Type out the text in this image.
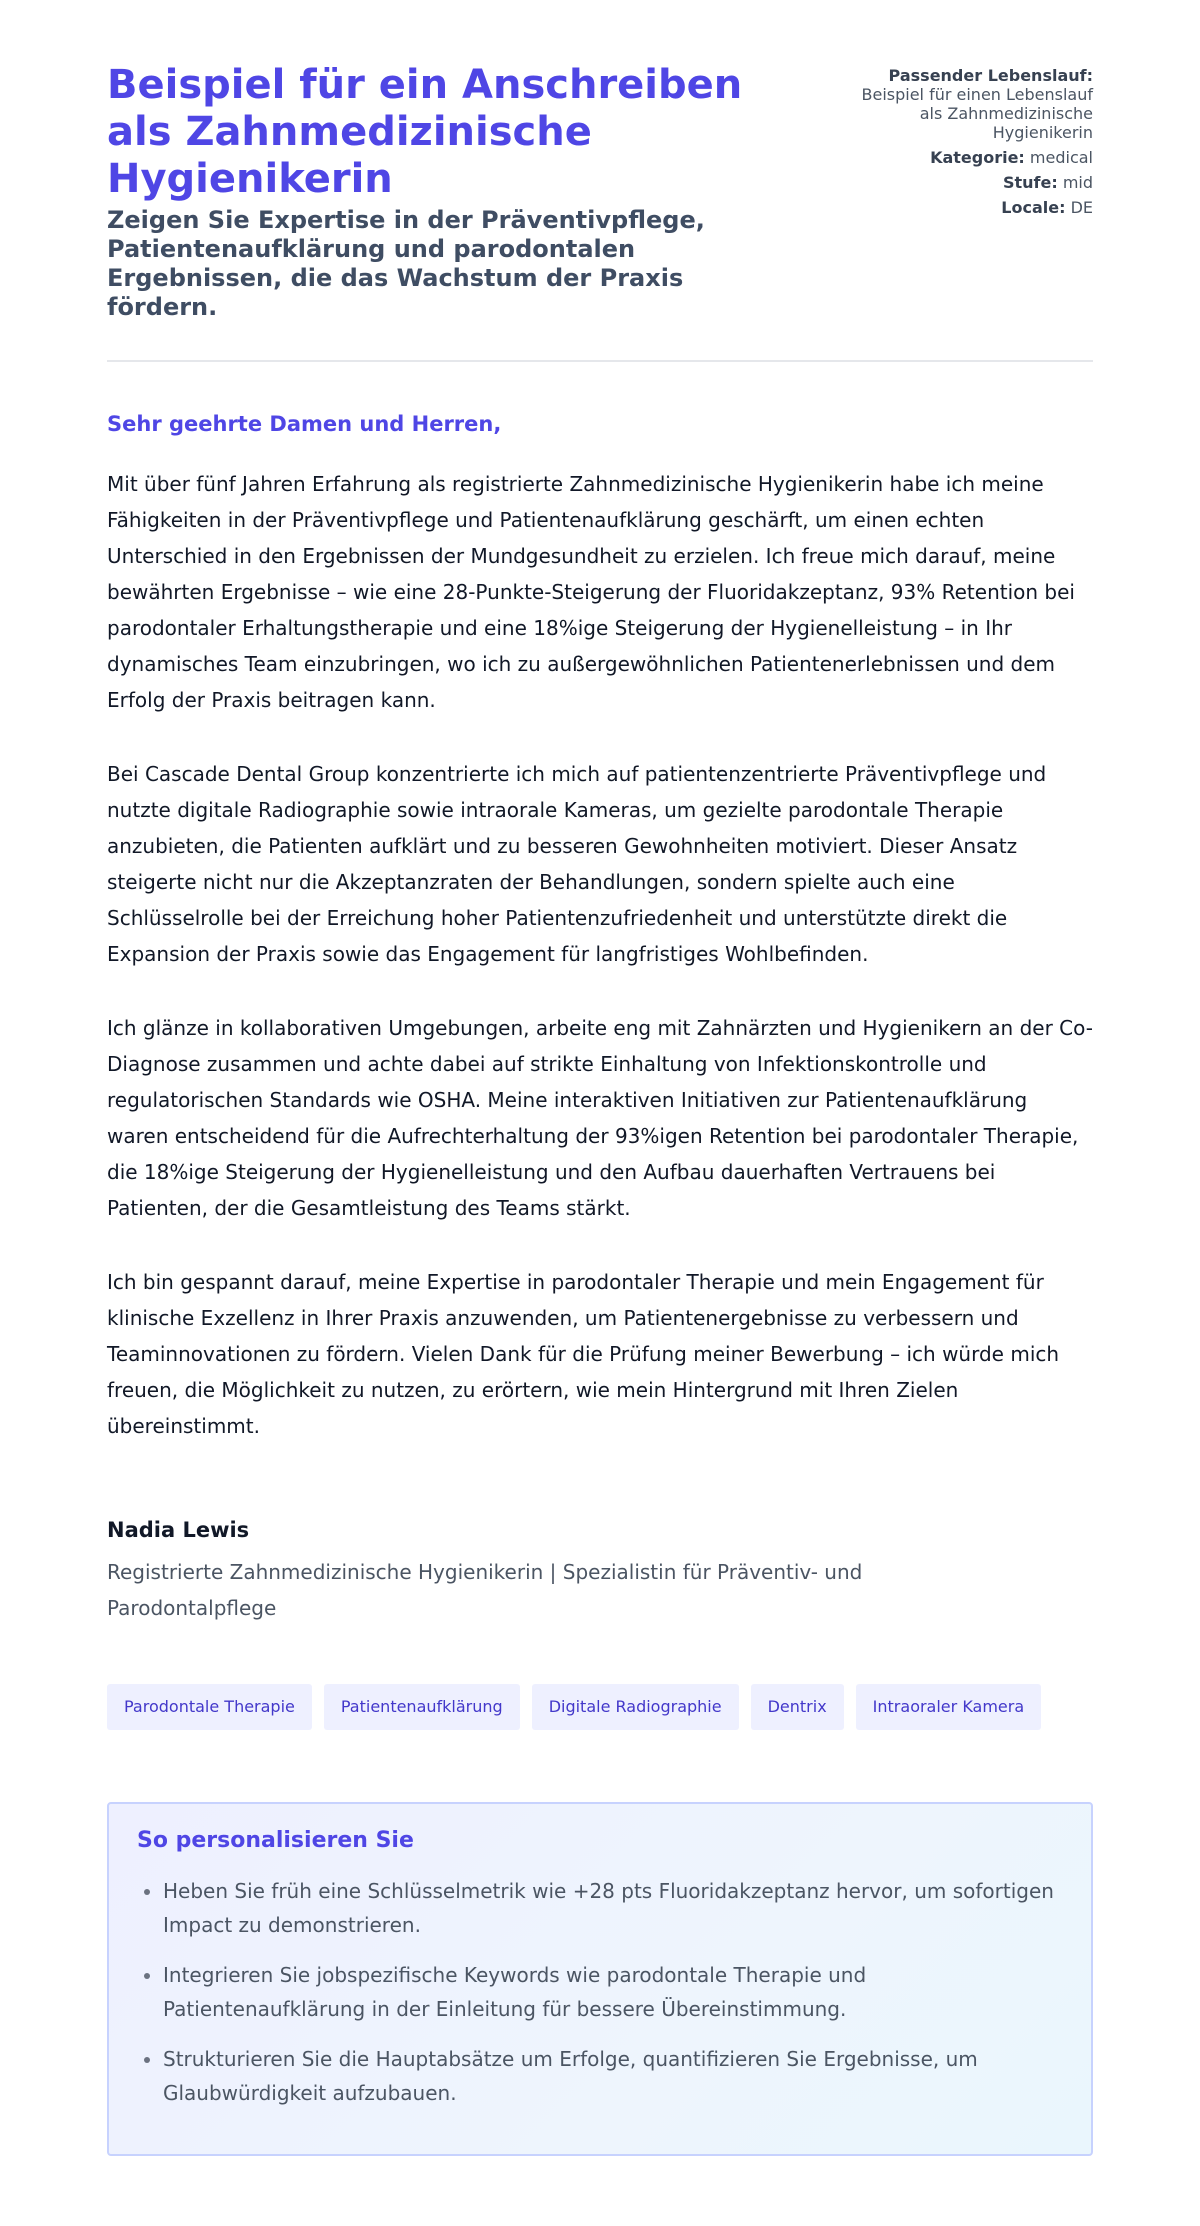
Beispiel für ein Anschreiben als Zahnmedizinische Hygienikerin
Zeigen Sie Expertise in der Präventivpflege, Patientenaufklärung und parodontalen Ergebnissen, die das Wachstum der Praxis fördern.
Passender Lebenslauf:
Beispiel für einen Lebenslauf als Zahnmedizinische Hygienikerin
Kategorie: medical
Stufe: mid
Locale: DE

Sehr geehrte Damen und Herren,

Mit über fünf Jahren Erfahrung als registrierte Zahnmedizinische Hygienikerin habe ich meine Fähigkeiten in der Präventivpflege und Patientenaufklärung geschärft, um einen echten Unterschied in den Ergebnissen der Mundgesundheit zu erzielen. Ich freue mich darauf, meine bewährten Ergebnisse – wie eine 28-Punkte-Steigerung der Fluoridakzeptanz, 93% Retention bei parodontaler Erhaltungstherapie und eine 18%ige Steigerung der Hygienelleistung – in Ihr dynamisches Team einzubringen, wo ich zu außergewöhnlichen Patientenerlebnissen und dem Erfolg der Praxis beitragen kann.

Bei Cascade Dental Group konzentrierte ich mich auf patientenzentrierte Präventivpflege und nutzte digitale Radiographie sowie intraorale Kameras, um gezielte parodontale Therapie anzubieten, die Patienten aufklärt und zu besseren Gewohnheiten motiviert. Dieser Ansatz steigerte nicht nur die Akzeptanzraten der Behandlungen, sondern spielte auch eine Schlüsselrolle bei der Erreichung hoher Patientenzufriedenheit und unterstützte direkt die Expansion der Praxis sowie das Engagement für langfristiges Wohlbefinden.

Ich glänze in kollaborativen Umgebungen, arbeite eng mit Zahnärzten und Hygienikern an der Co-Diagnose zusammen und achte dabei auf strikte Einhaltung von Infektionskontrolle und regulatorischen Standards wie OSHA. Meine interaktiven Initiativen zur Patientenaufklärung waren entscheidend für die Aufrechterhaltung der 93%igen Retention bei parodontaler Therapie, die 18%ige Steigerung der Hygienelleistung und den Aufbau dauerhaften Vertrauens bei Patienten, der die Gesamtleistung des Teams stärkt.

Ich bin gespannt darauf, meine Expertise in parodontaler Therapie und mein Engagement für klinische Exzellenz in Ihrer Praxis anzuwenden, um Patientenergebnisse zu verbessern und Teaminnovationen zu fördern. Vielen Dank für die Prüfung meiner Bewerbung – ich würde mich freuen, die Möglichkeit zu nutzen, zu erörtern, wie mein Hintergrund mit Ihren Zielen übereinstimmt.

Nadia Lewis

Registrierte Zahnmedizinische Hygienikerin | Spezialistin für Präventiv- und Parodontalpflege

Parodontale Therapie	Patientenaufklärung	Digitale Radiographie	Dentrix	Intraoraler Kamera
So personalisieren Sie
• Heben Sie früh eine Schlüsselmetrik wie +28 pts Fluoridakzeptanz hervor, um sofortigen Impact zu demonstrieren.
• Integrieren Sie jobspezifische Keywords wie parodontale Therapie und Patientenaufklärung in der Einleitung für bessere Übereinstimmung.
• Strukturieren Sie die Hauptabsätze um Erfolge, quantifizieren Sie Ergebnisse, um Glaubwürdigkeit aufzubauen.
